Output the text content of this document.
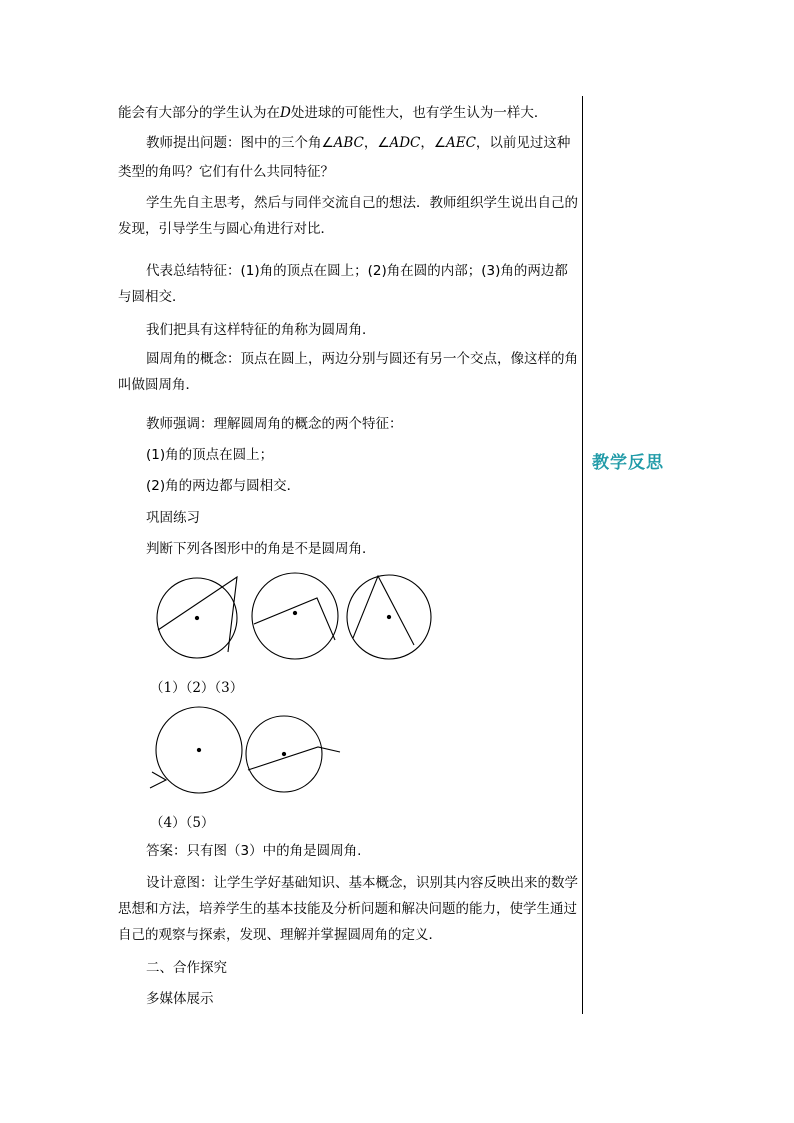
教学反思

能会有大部分的学生认为在D处进球的可能性大，也有学生认为一样大．

教师提出问题：图中的三个角∠ABC，∠ADC，∠AEC，以前见过这种

类型的角吗？它们有什么共同特征？

学生先自主思考，然后与同伴交流自己的想法．教师组织学生说出自己的发现，引导学生与圆心角进行对比．

代表总结特征：(1)角的顶点在圆上；(2)角在圆的内部；(3)角的两边都与圆相交．

我们把具有这样特征的角称为圆周角．

圆周角的概念：顶点在圆上，两边分别与圆还有另一个交点，像这样的角叫做圆周角．

教师强调：理解圆周角的概念的两个特征：

(1)角的顶点在圆上；

(2)角的两边都与圆相交．

巩固练习

判断下列各图形中的角是不是圆周角．

（1）（2）（3）
（4）（5）

答案：只有图（3）中的角是圆周角.

设计意图：让学生学好基础知识、基本概念，识别其内容反映出来的数学思想和方法，培养学生的基本技能及分析问题和解决问题的能力，使学生通过自己的观察与探索，发现、理解并掌握圆周角的定义．

二、合作探究

多媒体展示
